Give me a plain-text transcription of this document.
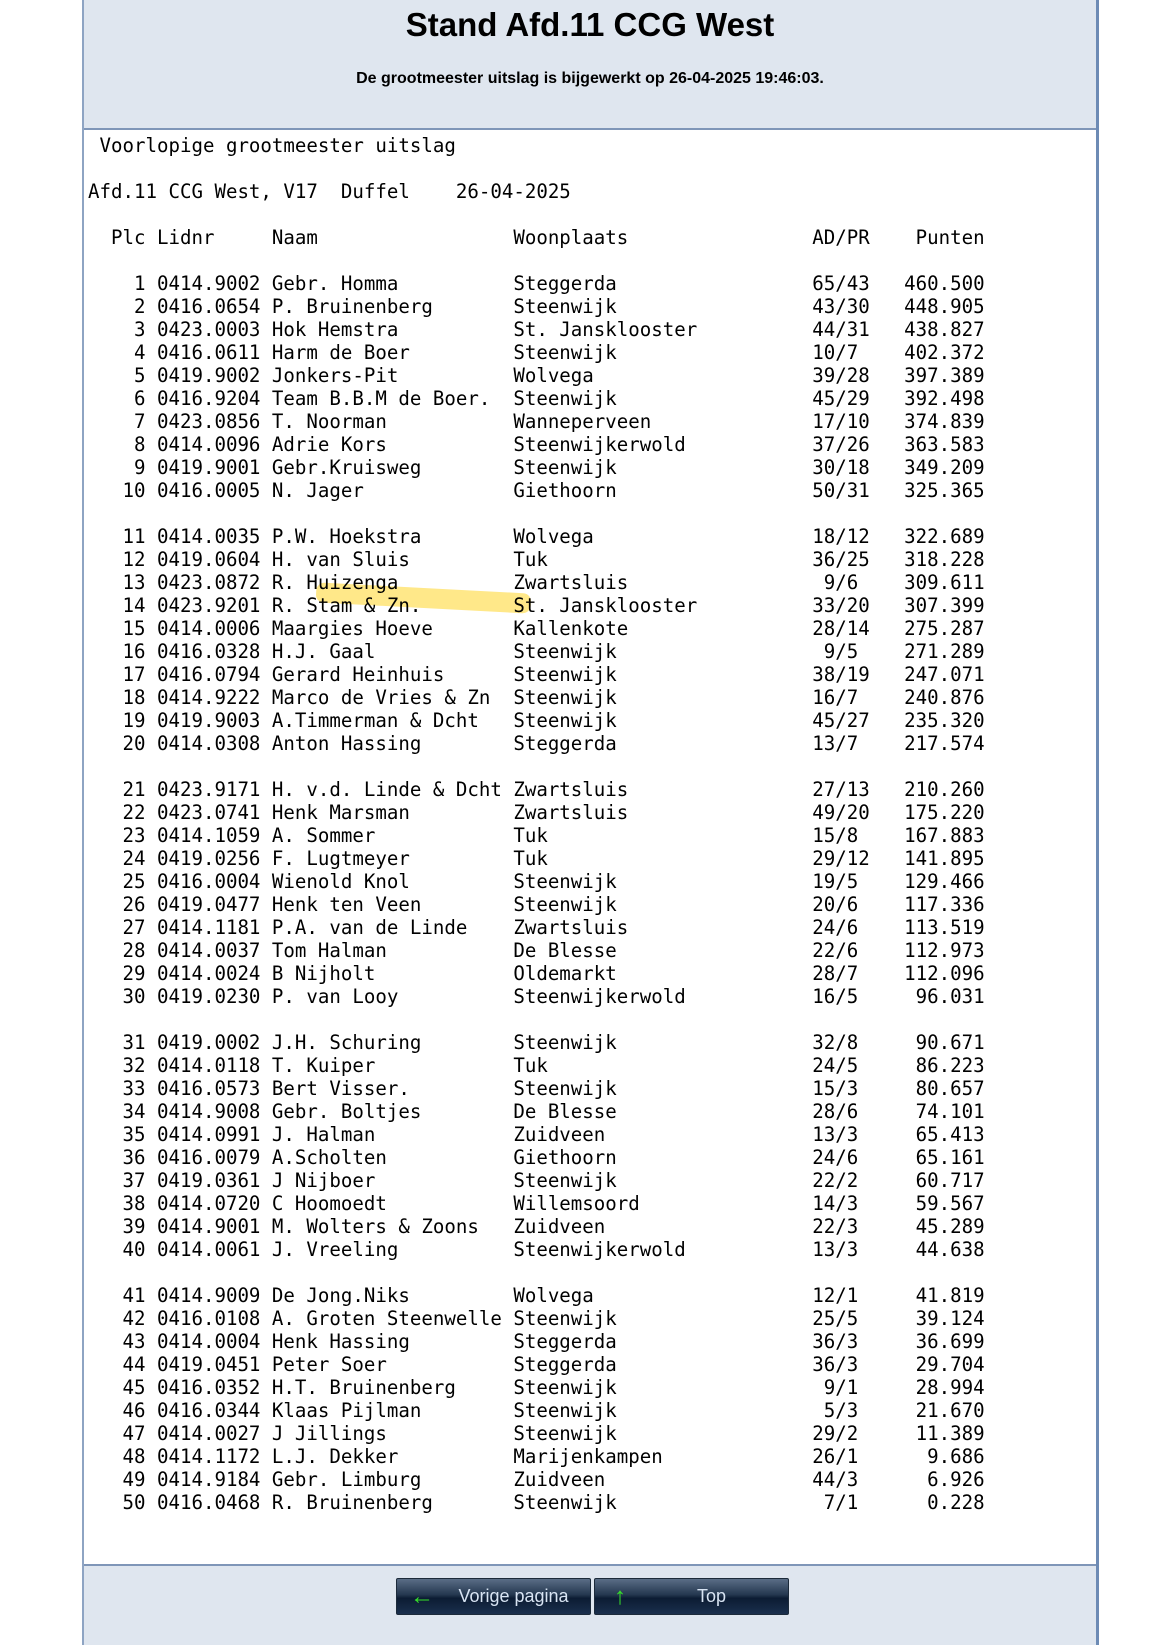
Stand Afd.11 CCG West
De grootmeester uitslag is bijgewerkt op 26-04-2025 19:46:03.
Voorlopige grootmeester uitslag

Afd.11 CCG West, V17  Duffel    26-04-2025

Plc Lidnr     Naam                 Woonplaats                AD/PR    Punten

1 0414.9002 Gebr. Homma          Steggerda                 65/43   460.500
2 0416.0654 P. Bruinenberg       Steenwijk                 43/30   448.905
3 0423.0003 Hok Hemstra          St. Jansklooster          44/31   438.827
4 0416.0611 Harm de Boer         Steenwijk                 10/7    402.372
5 0419.9002 Jonkers-Pit          Wolvega                   39/28   397.389
6 0416.9204 Team B.B.M de Boer.  Steenwijk                 45/29   392.498
7 0423.0856 T. Noorman           Wanneperveen              17/10   374.839
8 0414.0096 Adrie Kors           Steenwijkerwold           37/26   363.583
9 0419.9001 Gebr.Kruisweg        Steenwijk                 30/18   349.209
10 0416.0005 N. Jager             Giethoorn                 50/31   325.365

11 0414.0035 P.W. Hoekstra        Wolvega                   18/12   322.689
12 0419.0604 H. van Sluis         Tuk                       36/25   318.228
13 0423.0872 R. Huizenga          Zwartsluis                 9/6    309.611
14 0423.9201 R. Stam & Zn.        St. Jansklooster          33/20   307.399
15 0414.0006 Maargies Hoeve       Kallenkote                28/14   275.287
16 0416.0328 H.J. Gaal            Steenwijk                  9/5    271.289
17 0416.0794 Gerard Heinhuis      Steenwijk                 38/19   247.071
18 0414.9222 Marco de Vries & Zn  Steenwijk                 16/7    240.876
19 0419.9003 A.Timmerman & Dcht   Steenwijk                 45/27   235.320
20 0414.0308 Anton Hassing        Steggerda                 13/7    217.574

21 0423.9171 H. v.d. Linde & Dcht Zwartsluis                27/13   210.260
22 0423.0741 Henk Marsman         Zwartsluis                49/20   175.220
23 0414.1059 A. Sommer            Tuk                       15/8    167.883
24 0419.0256 F. Lugtmeyer         Tuk                       29/12   141.895
25 0416.0004 Wienold Knol         Steenwijk                 19/5    129.466
26 0419.0477 Henk ten Veen        Steenwijk                 20/6    117.336
27 0414.1181 P.A. van de Linde    Zwartsluis                24/6    113.519
28 0414.0037 Tom Halman           De Blesse                 22/6    112.973
29 0414.0024 B Nijholt            Oldemarkt                 28/7    112.096
30 0419.0230 P. van Looy          Steenwijkerwold           16/5     96.031

31 0419.0002 J.H. Schuring        Steenwijk                 32/8     90.671
32 0414.0118 T. Kuiper            Tuk                       24/5     86.223
33 0416.0573 Bert Visser.         Steenwijk                 15/3     80.657
34 0414.9008 Gebr. Boltjes        De Blesse                 28/6     74.101
35 0414.0991 J. Halman            Zuidveen                  13/3     65.413
36 0416.0079 A.Scholten           Giethoorn                 24/6     65.161
37 0419.0361 J Nijboer            Steenwijk                 22/2     60.717
38 0414.0720 C Hoomoedt           Willemsoord               14/3     59.567
39 0414.9001 M. Wolters & Zoons   Zuidveen                  22/3     45.289
40 0414.0061 J. Vreeling          Steenwijkerwold           13/3     44.638

41 0414.9009 De Jong.Niks         Wolvega                   12/1     41.819
42 0416.0108 A. Groten Steenwelle Steenwijk                 25/5     39.124
43 0414.0004 Henk Hassing         Steggerda                 36/3     36.699
44 0419.0451 Peter Soer           Steggerda                 36/3     29.704
45 0416.0352 H.T. Bruinenberg     Steenwijk                  9/1     28.994
46 0416.0344 Klaas Pijlman        Steenwijk                  5/3     21.670
47 0414.0027 J Jillings           Steenwijk                 29/2     11.389
48 0414.1172 L.J. Dekker          Marijenkampen             26/1      9.686
49 0414.9184 Gebr. Limburg        Zuidveen                  44/3      6.926
50 0416.0468 R. Bruinenberg       Steenwijk                  7/1      0.228
←	Vorige pagina	↑	Top
